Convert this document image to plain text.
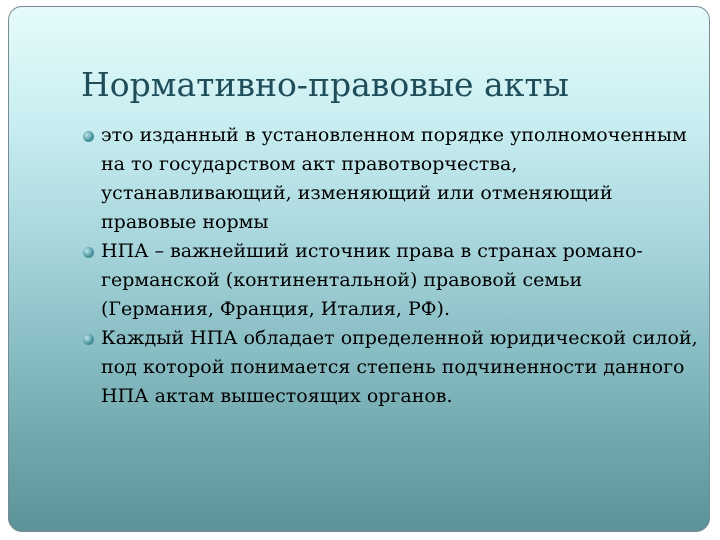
Нормативно-правовые акты
это изданный в установленном порядке уполномоченным на то государством акт правотворчества, устанавливающий, изменяющий или отменяющий правовые нормы
НПА – важнейший источник права в странах романо-германской (континентальной) правовой семьи (Германия, Франция, Италия, РФ).
Каждый НПА обладает определенной юридической силой, под которой понимается степень подчиненности данного НПА актам вышестоящих органов.
